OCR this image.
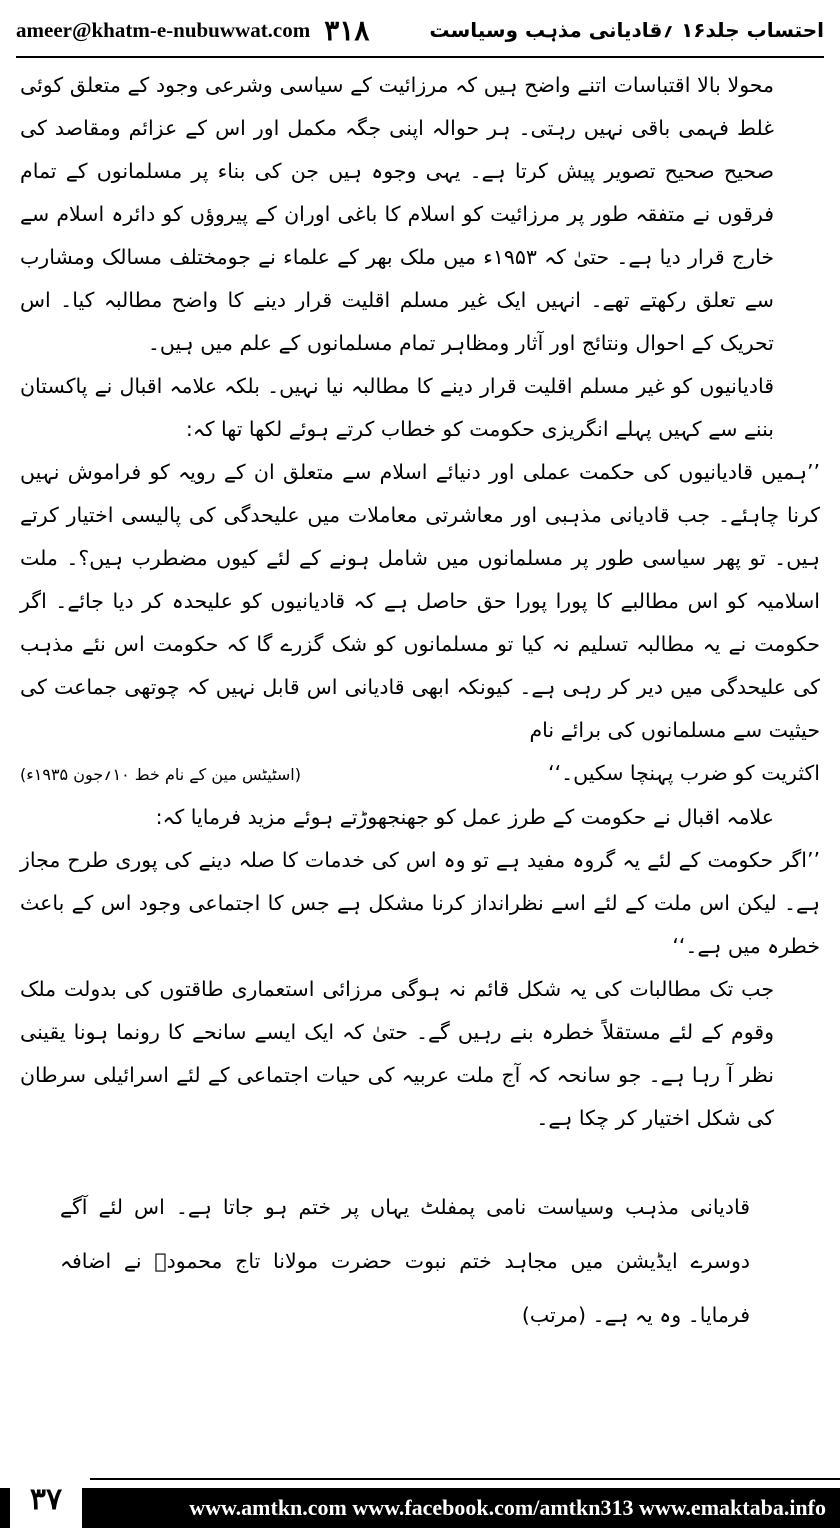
ameer@khatm-e-nubuwwat.com ۳۱۸	احتساب جلد۱۶ ؍قادیانی مذہب وسیاست

محولا بالا اقتباسات اتنے واضح ہیں کہ مرزائیت کے سیاسی وشرعی وجود کے متعلق کوئی غلط فہمی باقی نہیں رہتی۔ ہر حوالہ اپنی جگہ مکمل اور اس کے عزائم ومقاصد کی صحیح صحیح تصویر پیش کرتا ہے۔ یہی وجوہ ہیں جن کی بناء پر مسلمانوں کے تمام فرقوں نے متفقہ طور پر مرزائیت کو اسلام کا باغی اوران کے پیروؤں کو دائرہ اسلام سے خارج قرار دیا ہے۔ حتیٰ کہ ۱۹۵۳ء میں ملک بھر کے علماء نے جومختلف مسالک ومشارب سے تعلق رکھتے تھے۔ انہیں ایک غیر مسلم اقلیت قرار دینے کا واضح مطالبہ کیا۔ اس تحریک کے احوال ونتائج اور آثار ومظاہر تمام مسلمانوں کے علم میں ہیں۔

قادیانیوں کو غیر مسلم اقلیت قرار دینے کا مطالبہ نیا نہیں۔ بلکہ علامہ اقبال نے پاکستان بننے سے کہیں پہلے انگریزی حکومت کو خطاب کرتے ہوئے لکھا تھا کہ:

’’ہمیں قادیانیوں کی حکمت عملی اور دنیائے اسلام سے متعلق ان کے رویہ کو فراموش نہیں کرنا چاہئے۔ جب قادیانی مذہبی اور معاشرتی معاملات میں علیحدگی کی پالیسی اختیار کرتے ہیں۔ تو پھر سیاسی طور پر مسلمانوں میں شامل ہونے کے لئے کیوں مضطرب ہیں؟۔ ملت اسلامیہ کو اس مطالبے کا پورا پورا حق حاصل ہے کہ قادیانیوں کو علیحدہ کر دیا جائے۔ اگر حکومت نے یہ مطالبہ تسلیم نہ کیا تو مسلمانوں کو شک گزرے گا کہ حکومت اس نئے مذہب کی علیحدگی میں دیر کر رہی ہے۔ کیونکہ ابھی قادیانی اس قابل نہیں کہ چوتھی جماعت کی حیثیت سے مسلمانوں کی برائے نام

اکثریت کو ضرب پہنچا سکیں۔‘‘
(اسٹیٹس مین کے نام خط ۱۰؍جون ۱۹۳۵ء)

علامہ اقبال نے حکومت کے طرز عمل کو جھنجھوڑتے ہوئے مزید فرمایا کہ:

’’اگر حکومت کے لئے یہ گروہ مفید ہے تو وہ اس کی خدمات کا صلہ دینے کی پوری طرح مجاز ہے۔ لیکن اس ملت کے لئے اسے نظرانداز کرنا مشکل ہے جس کا اجتماعی وجود اس کے باعث خطرہ میں ہے۔‘‘

جب تک مطالبات کی یہ شکل قائم نہ ہوگی مرزائی استعماری طاقتوں کی بدولت ملک وقوم کے لئے مستقلاً خطرہ بنے رہیں گے۔ حتیٰ کہ ایک ایسے سانحے کا رونما ہونا یقینی نظر آ رہا ہے۔ جو سانحہ کہ آج ملت عربیہ کی حیات اجتماعی کے لئے اسرائیلی سرطان کی شکل اختیار کر چکا ہے۔

قادیانی مذہب وسیاست نامی پمفلٹ یہاں پر ختم ہو جاتا ہے۔ اس لئے آگے دوسرے ایڈیشن میں مجاہد ختم نبوت حضرت مولانا تاج محمودؒ نے اضافہ فرمایا۔ وہ یہ ہے۔ (مرتب)

www.amtkn.com www.facebook.com/amtkn313 www.emaktaba.info
۳۷
